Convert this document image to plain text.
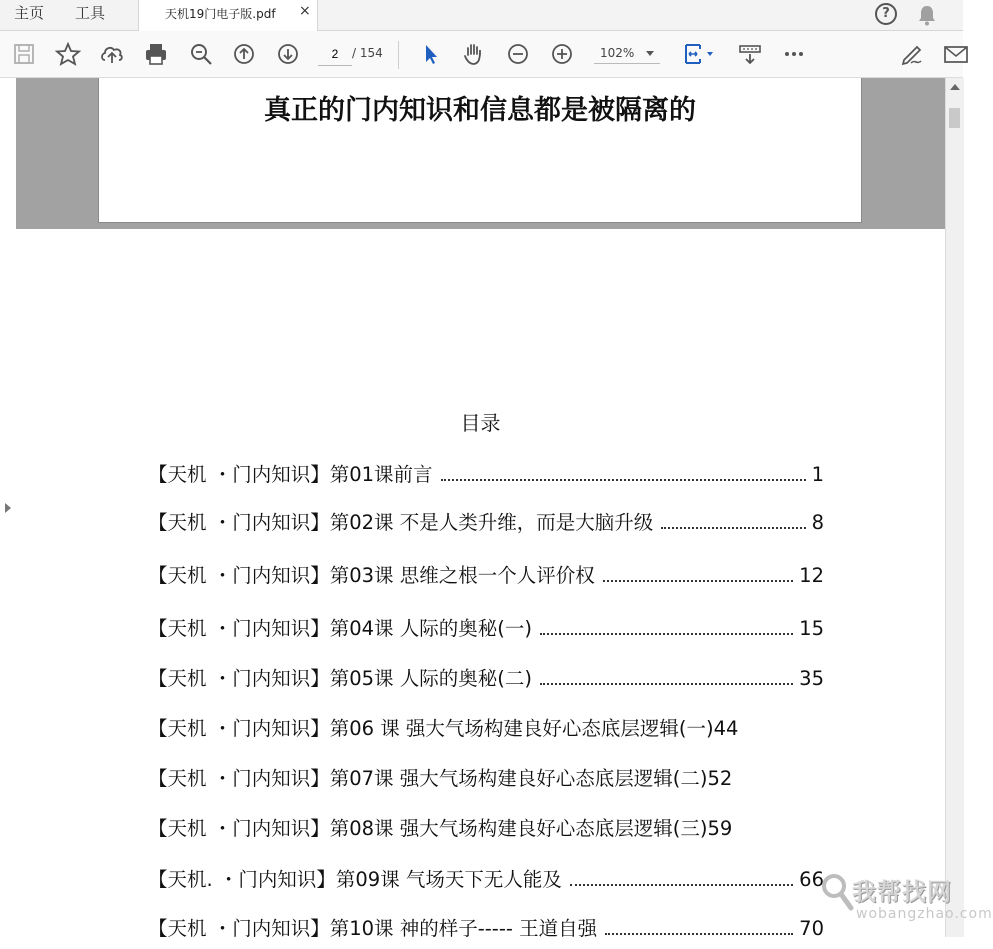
主页 工具	天机19门电子版.pdf ×	?
2
/ 154	102%
真正的门内知识和信息都是被隔离的
目录
【天机 ・门内知识】第01课前言	1
【天机 ・门内知识】第02课 不是人类升维，而是大脑升级	8
【天机 ・门内知识】第03课 思维之根一个人评价权	12
【天机 ・门内知识】第04课 人际的奥秘(一)	15
【天机 ・门内知识】第05课 人际的奥秘(二)	35
【天机 ・门内知识】第06 课 强大气场构建良好心态底层逻辑(一) 44
【天机 ・门内知识】第07课 强大气场构建良好心态底层逻辑(二) 52
【天机 ・门内知识】第08课 强大气场构建良好心态底层逻辑(三) 59
【天机. ・门内知识】第09课 气场天下无人能及	66
【天机 ・门内知识】第10课 神的样子----- 王道自强	70
我帮找网
wobangzhao.com
